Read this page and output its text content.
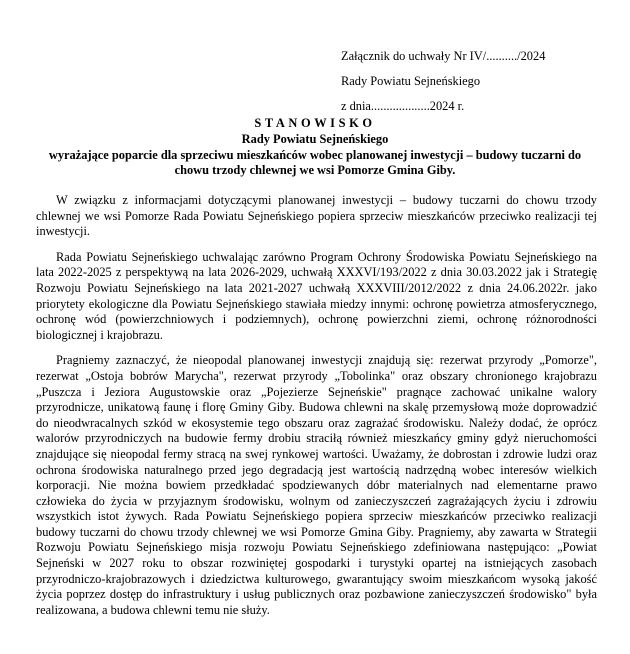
Załącznik do uchwały Nr IV/........../2024
Rady Powiatu Sejneńskiego
z dnia...................2024 r.
STANOWISKO
Rady Powiatu Sejneńskiego
wyrażające poparcie dla sprzeciwu mieszkańców wobec planowanej inwestycji – budowy tuczarni do chowu trzody chlewnej we wsi Pomorze Gmina Giby.

W związku z informacjami dotyczącymi planowanej inwestycji – budowy tuczarni do chowu trzody chlewnej we wsi Pomorze Rada Powiatu Sejneńskiego popiera sprzeciw mieszkańców przeciwko realizacji tej inwestycji.

Rada Powiatu Sejneńskiego uchwalając zarówno Program Ochrony Środowiska Powiatu Sejneńskiego na lata 2022-2025 z perspektywą na lata 2026-2029, uchwałą XXXVI/193/2022 z dnia 30.03.2022 jak i Strategię Rozwoju Powiatu Sejneńskiego na lata 2021-2027 uchwałą XXXVIII/2012/2022 z dnia 24.06.2022r. jako priorytety ekologiczne dla Powiatu Sejneńskiego stawiała miedzy innymi: ochronę powietrza atmosferycznego, ochronę wód (powierzchniowych i podziemnych), ochronę powierzchni ziemi, ochronę różnorodności biologicznej i krajobrazu.

Pragniemy zaznaczyć, że nieopodal planowanej inwestycji znajdują się: rezerwat przyrody „Pomorze", rezerwat „Ostoja bobrów Marycha", rezerwat przyrody „Tobolinka" oraz obszary chronionego krajobrazu „Puszcza i Jeziora Augustowskie oraz „Pojezierze Sejneńskie" pragnące zachować unikalne walory przyrodnicze, unikatową faunę i florę Gminy Giby. Budowa chlewni na skalę przemysłową może doprowadzić do nieodwracalnych szkód w ekosystemie tego obszaru oraz zagrażać środowisku. Należy dodać, że oprócz walorów przyrodniczych na budowie fermy drobiu straciłą również mieszkańcy gminy gdyż nieruchomości znajdujące się nieopodal fermy stracą na swej rynkowej wartości. Uważamy, że dobrostan i zdrowie ludzi oraz ochrona środowiska naturalnego przed jego degradacją jest wartością nadrzędną wobec interesów wielkich korporacji. Nie można bowiem przedkładać spodziewanych dóbr materialnych nad elementarne prawo człowieka do życia w przyjaznym środowisku, wolnym od zanieczyszczeń zagrażających życiu i zdrowiu wszystkich istot żywych. Rada Powiatu Sejneńskiego popiera sprzeciw mieszkańców przeciwko realizacji budowy tuczarni do chowu trzody chlewnej we wsi Pomorze Gmina Giby. Pragniemy, aby zawarta w Strategii Rozwoju Powiatu Sejneńskiego misja rozwoju Powiatu Sejneńskiego zdefiniowana następująco: „Powiat Sejneński w 2027 roku to obszar rozwiniętej gospodarki i turystyki opartej na istniejących zasobach przyrodniczo-krajobrazowych i dziedzictwa kulturowego, gwarantujący swoim mieszkańcom wysoką jakość życia poprzez dostęp do infrastruktury i usług publicznych oraz pozbawione zanieczyszczeń środowisko" była realizowana, a budowa chlewni temu nie służy.
